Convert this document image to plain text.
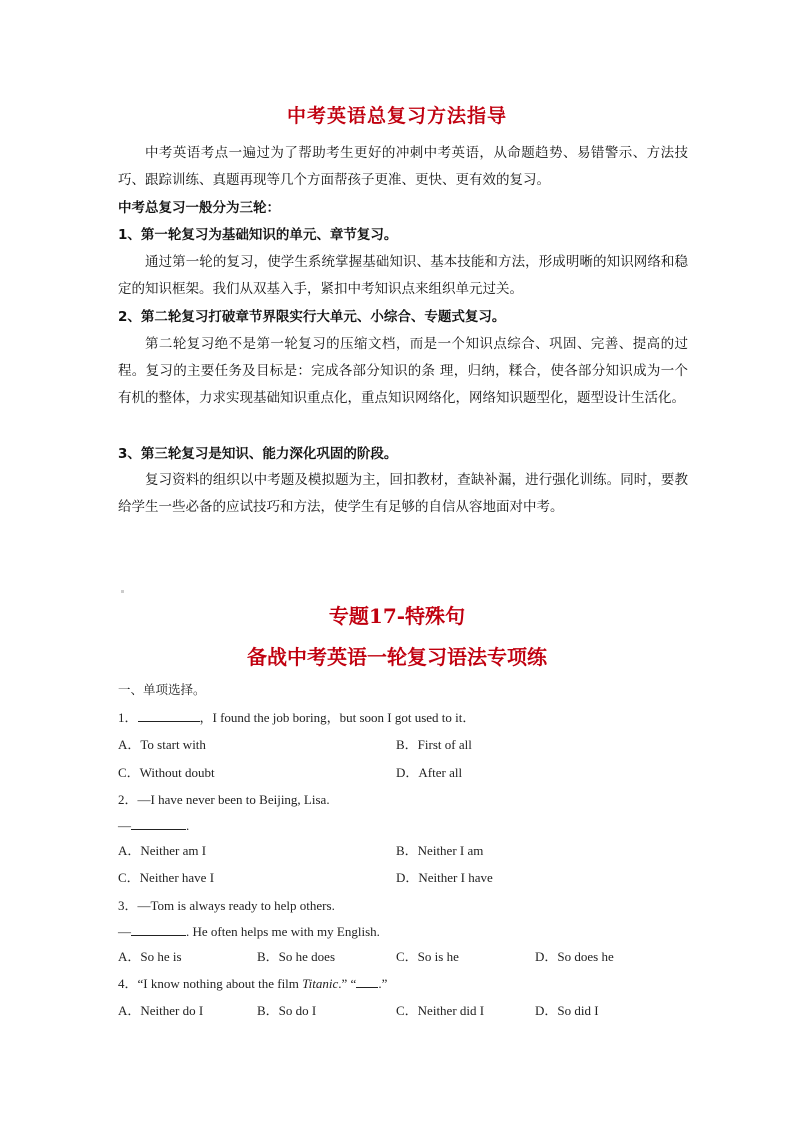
中考英语总复习方法指导

中考英语考点一遍过为了帮助考生更好的冲刺中考英语，从命题趋势、易错警示、方法技巧、跟踪训练、真题再现等几个方面帮孩子更准、更快、更有效的复习。

中考总复习一般分为三轮：
1、第一轮复习为基础知识的单元、章节复习。

通过第一轮的复习，使学生系统掌握基础知识、基本技能和方法，形成明晰的知识网络和稳定的知识框架。我们从双基入手，紧扣中考知识点来组织单元过关。

2、第二轮复习打破章节界限实行大单元、小综合、专题式复习。

第二轮复习绝不是第一轮复习的压缩文档，而是一个知识点综合、巩固、完善、提高的过程。复习的主要任务及目标是：完成各部分知识的条 理，归纳，糅合，使各部分知识成为一个有机的整体，力求实现基础知识重点化，重点知识网络化，网络知识题型化，题型设计生活化。

3、第三轮复习是知识、能力深化巩固的阶段。

复习资料的组织以中考题及模拟题为主，回扣教材，查缺补漏，进行强化训练。同时，要教给学生一些必备的应试技巧和方法，使学生有足够的自信从容地面对中考。

专题17-特殊句
备战中考英语一轮复习语法专项练
一、单项选择。
1．	，I found the job boring，but soon I got used to it．
A．To start with	B．First of all
C．Without doubt	D．After all
2．—I have never been to Beijing, Lisa.
—	.
A．Neither am I	B．Neither I am
C．Neither have I	D．Neither I have
3．—Tom is always ready to help others.
—	. He often helps me with my English.
A．So he is	B．So he does	C．So is he	D．So does he
4．“I know nothing about the film Titanic.” “ .”
A．Neither do I	B．So do I	C．Neither did I	D．So did I
